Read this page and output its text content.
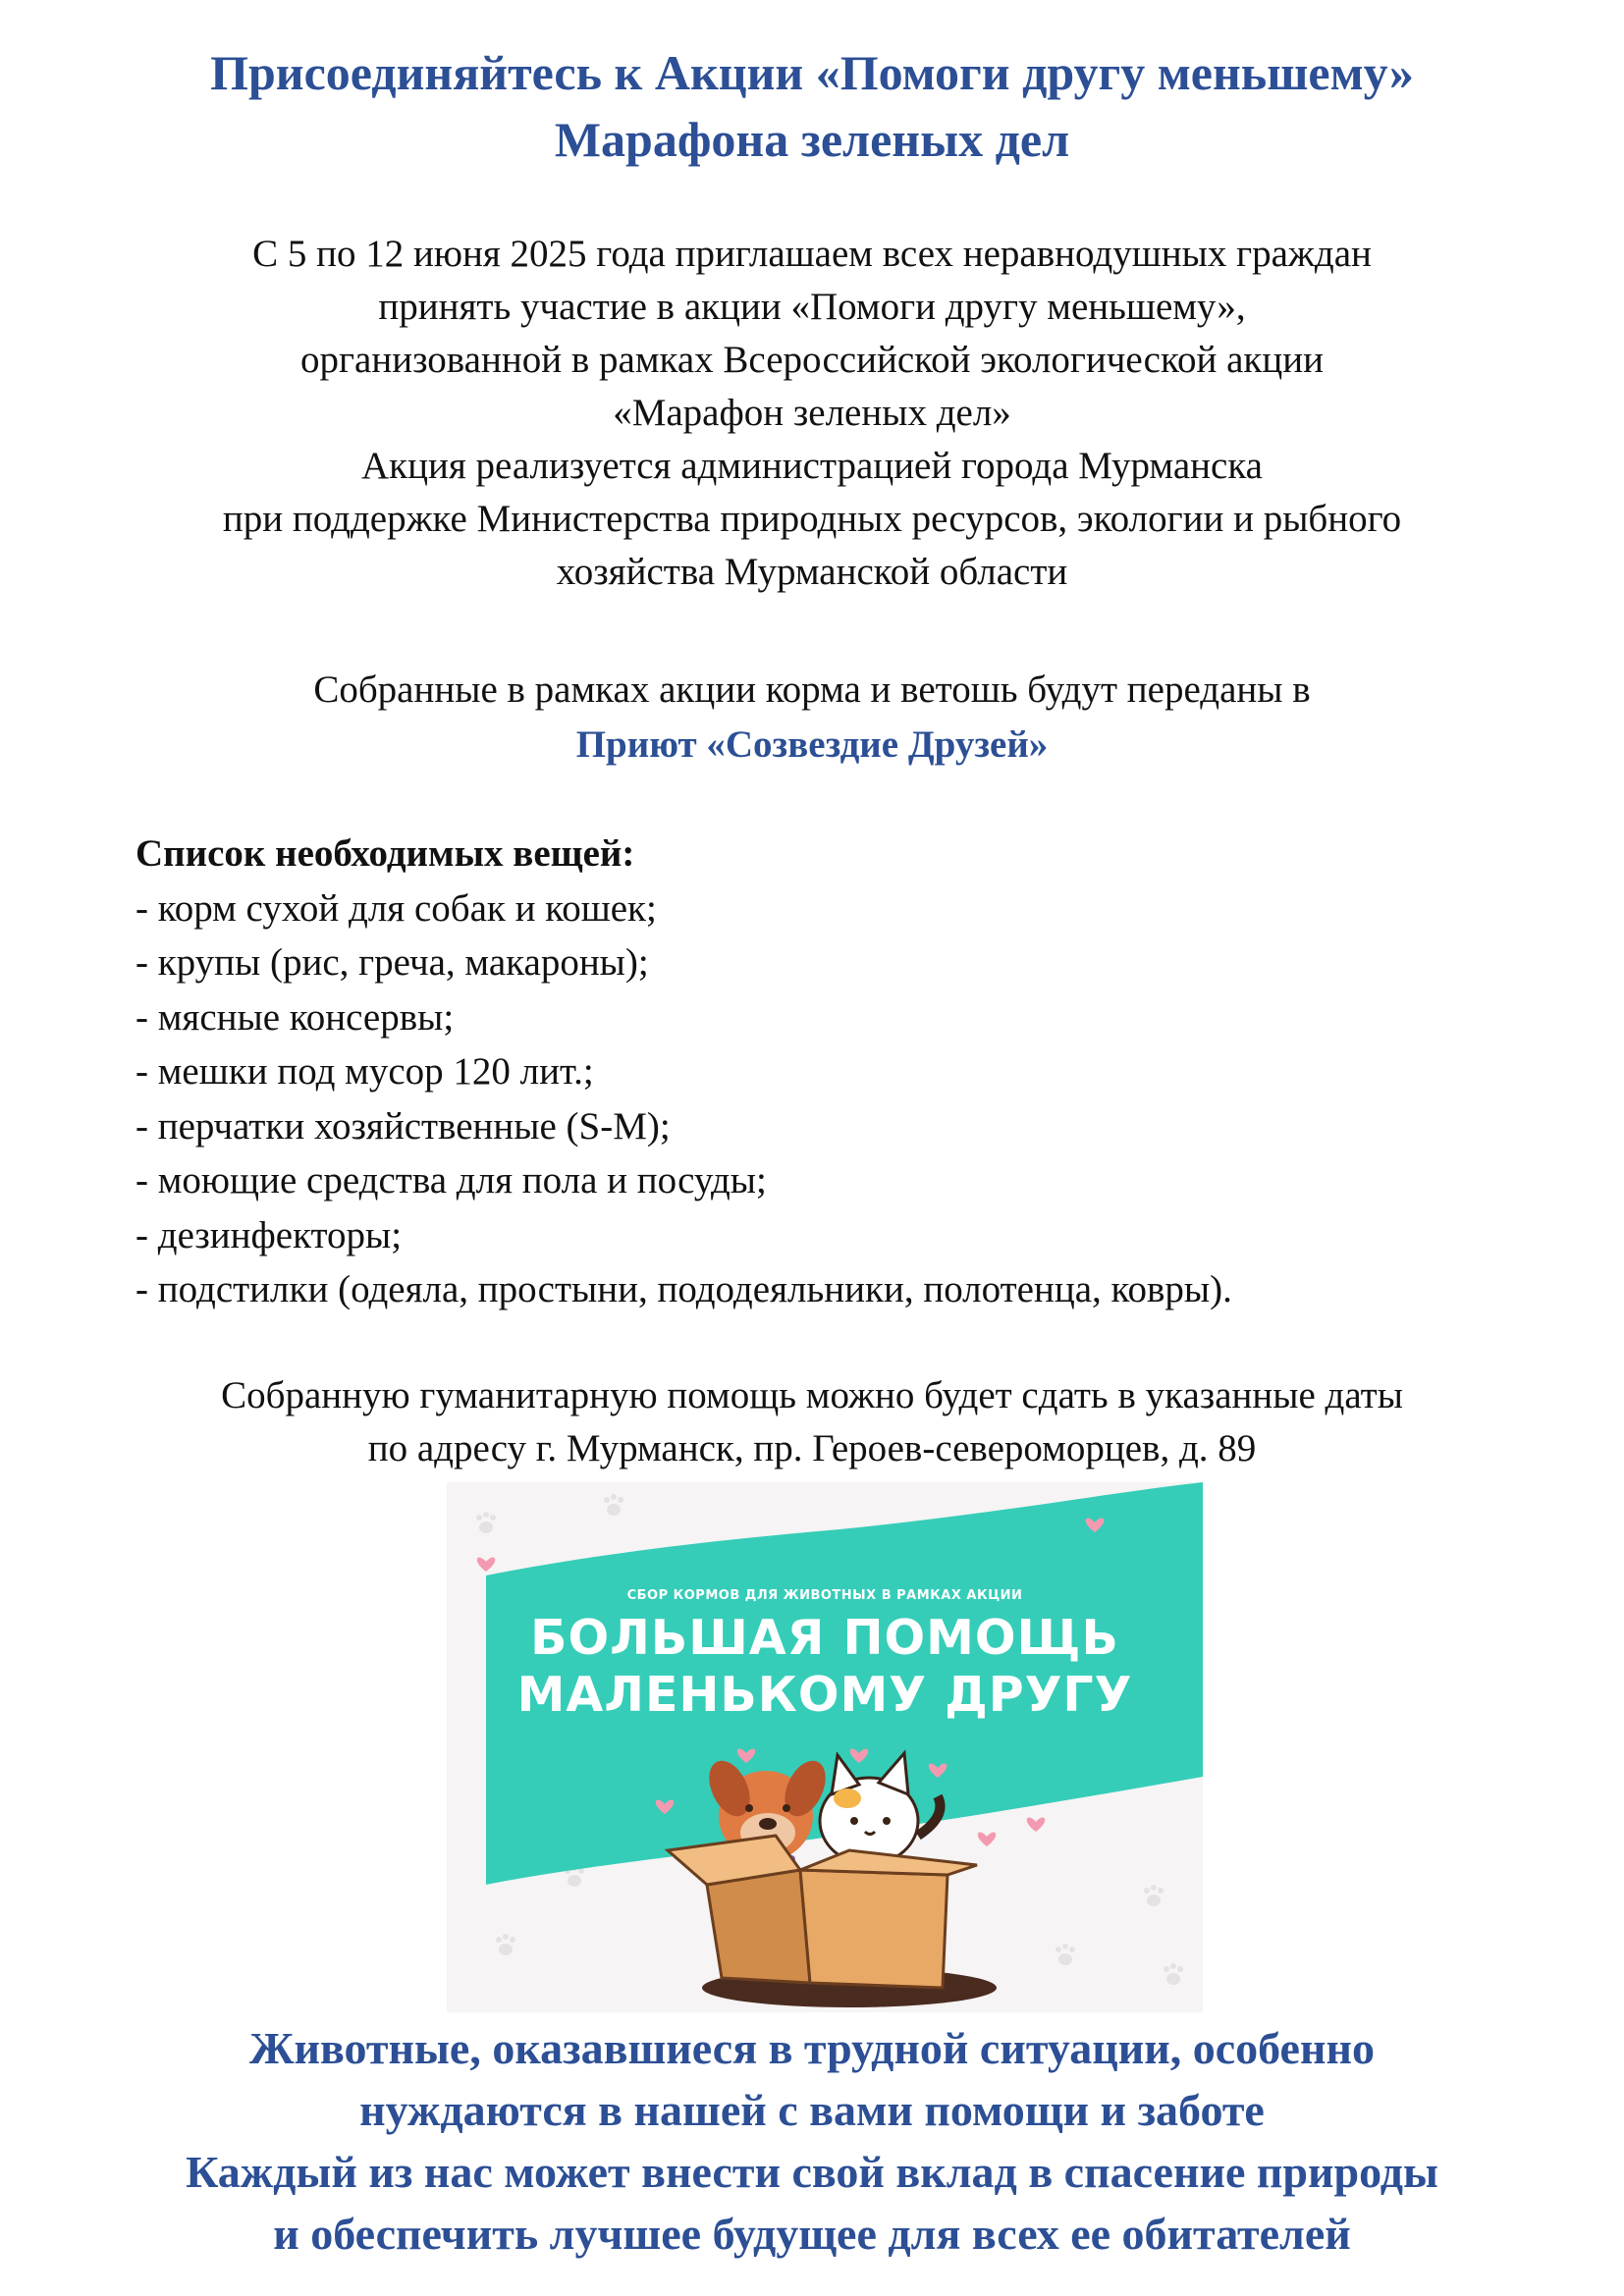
Присоединяйтесь к Акции «Помоги другу меньшему»
Марафона зеленых дел
С 5 по 12 июня 2025 года приглашаем всех неравнодушных граждан
принять участие в акции «Помоги другу меньшему»,
организованной в рамках Всероссийской экологической акции
«Марафон зеленых дел»
Акция реализуется администрацией города Мурманска
при поддержке Министерства природных ресурсов, экологии и рыбного
хозяйства Мурманской области
Собранные в рамках акции корма и ветошь будут переданы в
Приют «Созвездие Друзей»
Список необходимых вещей:
- корм сухой для собак и кошек;
- крупы (рис, греча, макароны);
- мясные консервы;
- мешки под мусор 120 лит.;
- перчатки хозяйственные (S-M);
- моющие средства для пола и посуды;
- дезинфекторы;
- подстилки (одеяла, простыни, пододеяльники, полотенца, ковры).
Собранную гуманитарную помощь можно будет сдать в указанные даты
по адресу г. Мурманск, пр. Героев-североморцев, д. 89
СБОР КОРМОВ ДЛЯ ЖИВОТНЫХ В РАМКАХ АКЦИИ
БОЛЬШАЯ ПОМОЩЬ
МАЛЕНЬКОМУ ДРУГУ
Животные, оказавшиеся в трудной ситуации, особенно
нуждаются в нашей с вами помощи и заботе
Каждый из нас может внести свой вклад в спасение природы
и обеспечить лучшее будущее для всех ее обитателей
